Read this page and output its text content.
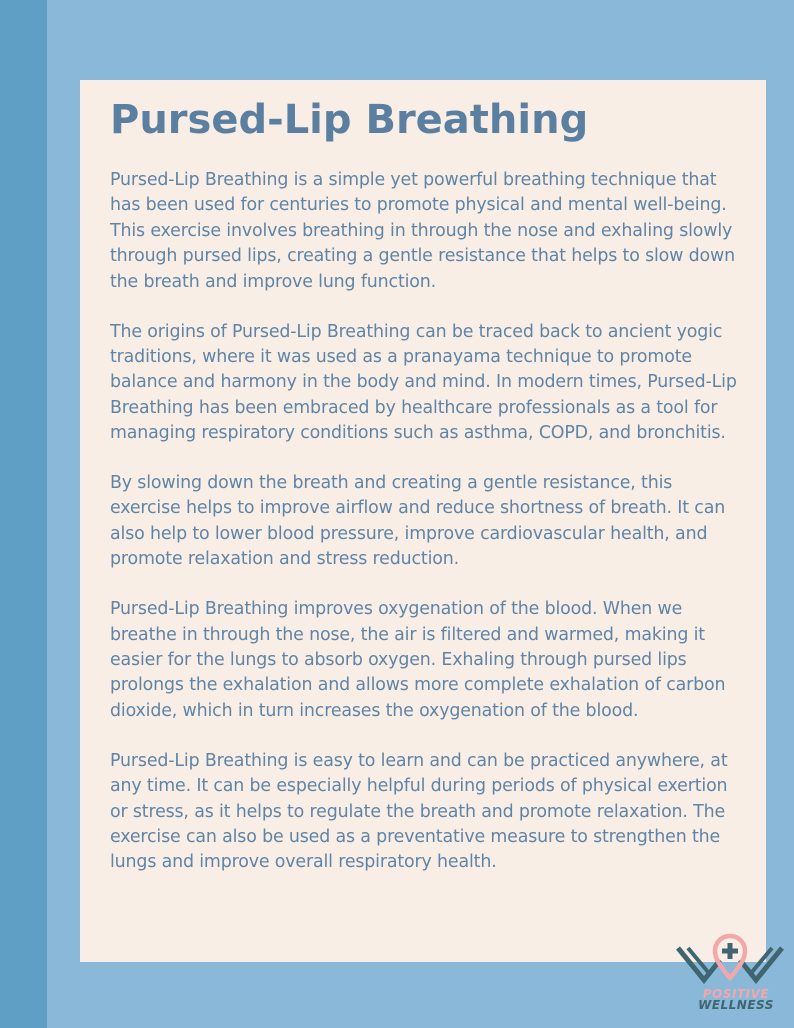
Pursed-Lip Breathing

Pursed-Lip Breathing is a simple yet powerful breathing technique that has been used for centuries to promote physical and mental well-being. This exercise involves breathing in through the nose and exhaling slowly through pursed lips, creating a gentle resistance that helps to slow down the breath and improve lung function.

The origins of Pursed-Lip Breathing can be traced back to ancient yogic traditions, where it was used as a pranayama technique to promote balance and harmony in the body and mind. In modern times, Pursed-Lip Breathing has been embraced by healthcare professionals as a tool for managing respiratory conditions such as asthma, COPD, and bronchitis.

By slowing down the breath and creating a gentle resistance, this exercise helps to improve airflow and reduce shortness of breath. It can also help to lower blood pressure, improve cardiovascular health, and promote relaxation and stress reduction.

Pursed-Lip Breathing improves oxygenation of the blood. When we breathe in through the nose, the air is filtered and warmed, making it easier for the lungs to absorb oxygen. Exhaling through pursed lips prolongs the exhalation and allows more complete exhalation of carbon dioxide, which in turn increases the oxygenation of the blood.

Pursed-Lip Breathing is easy to learn and can be practiced anywhere, at any time. It can be especially helpful during periods of physical exertion or stress, as it helps to regulate the breath and promote relaxation. The exercise can also be used as a preventative measure to strengthen the lungs and improve overall respiratory health.

POSITIVE
WELLNESS
